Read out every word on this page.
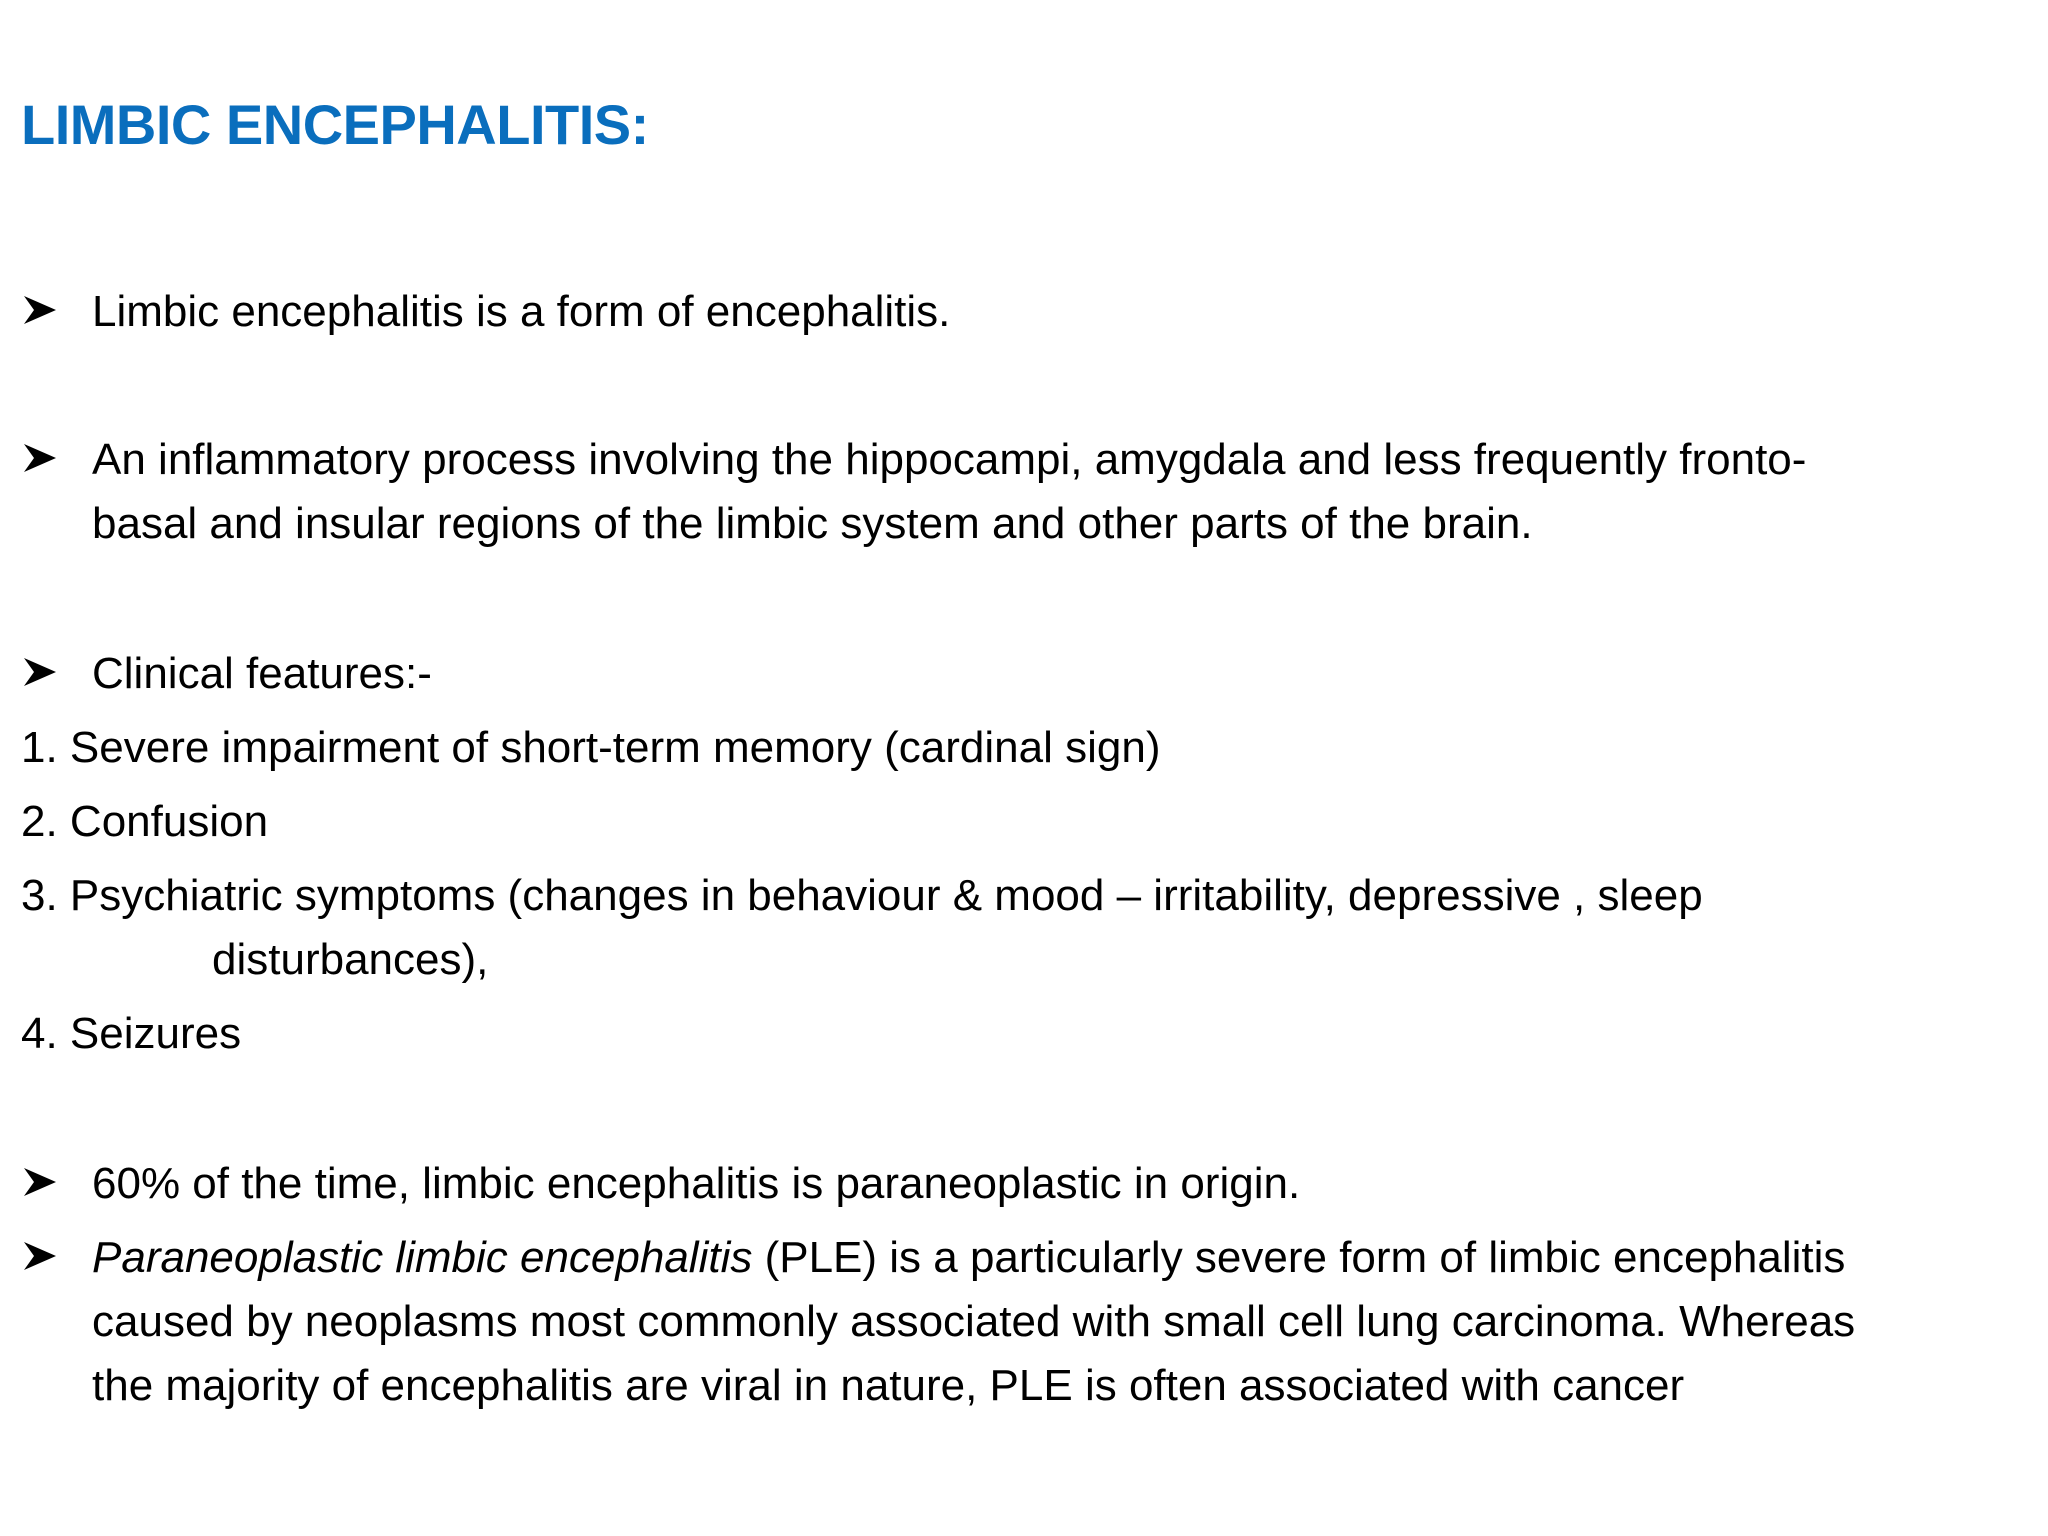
LIMBIC ENCEPHALITIS:
Limbic encephalitis is a form of encephalitis.
An inflammatory process involving the hippocampi, amygdala and less frequently fronto-
basal and insular regions of the limbic system and other parts of the brain.
Clinical features:-
1. Severe impairment of short-term memory (cardinal sign)
2. Confusion
3. Psychiatric symptoms (changes in behaviour & mood – irritability, depressive , sleep
disturbances),
4. Seizures
60% of the time, limbic encephalitis is paraneoplastic in origin.
Paraneoplastic limbic encephalitis (PLE) is a particularly severe form of limbic encephalitis
caused by neoplasms most commonly associated with small cell lung carcinoma. Whereas
the majority of encephalitis are viral in nature, PLE is often associated with cancer
